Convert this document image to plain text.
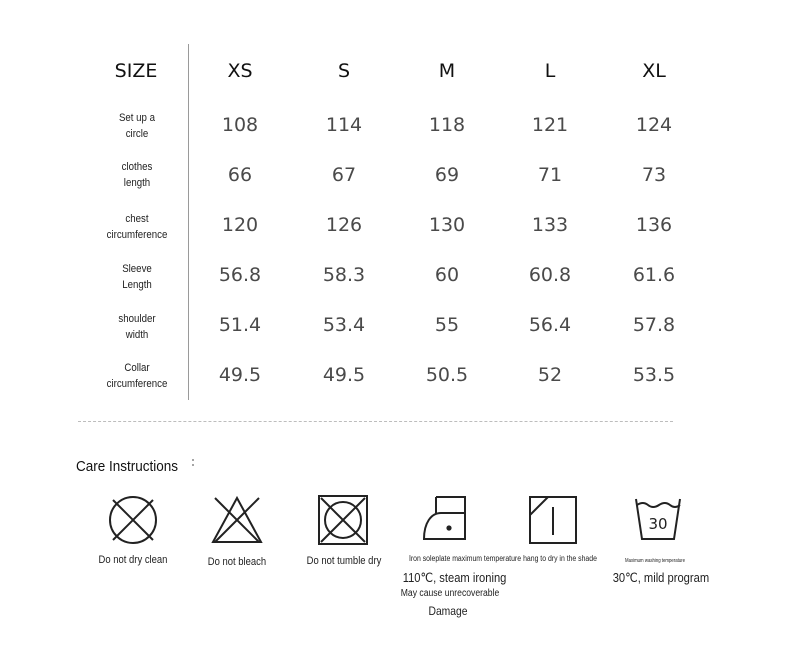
SIZE	XS	S	M	L	XL
Set up a
circle	108	114	118	121	124
clothes
length	66	67	69	71	73
chest
circumference	120	126	130	133	136
Sleeve
Length	56.8	58.3	60	60.8	61.6
shoulder
width	51.4	53.4	55	56.4	57.8
Collar
circumference	49.5	49.5	50.5	52	53.5
Care Instructions
Do not dry clean	Do not bleach	Do not tumble dry	Iron soleplate maximum temperature
110℃, steam ironing
May cause unrecoverable
Damage
hang to dry in the shade
30
Maximum washing temperature
30℃, mild program
